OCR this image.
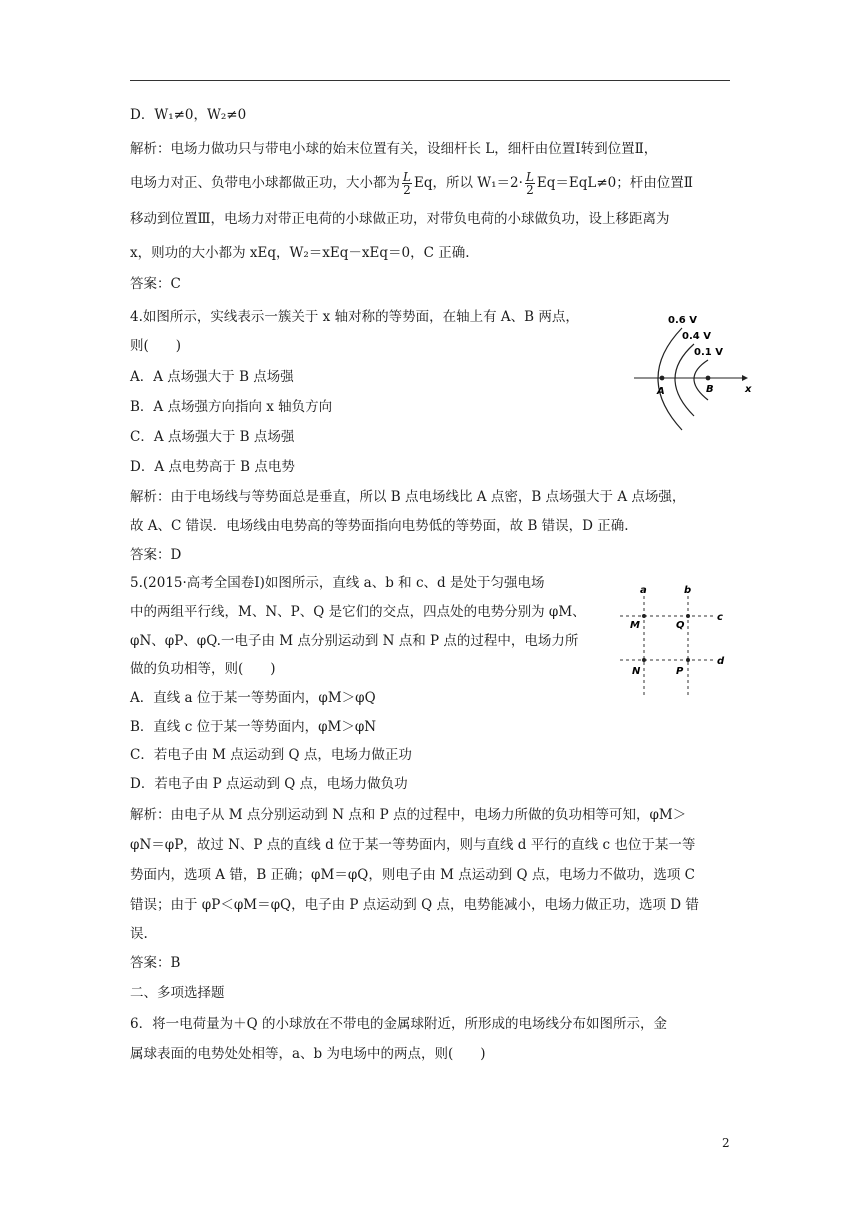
D．W₁≠0，W₂≠0
解析：电场力做功只与带电小球的始末位置有关，设细杆长 L，细杆由位置Ⅰ转到位置Ⅱ，
电场力对正、负带电小球都做正功，大小都为 $\frac{L}{2}$ Eq，所以 $W_1=2\cdot \frac{L}{2} Eq=EqL\ne 0$；杆由位置Ⅱ
移动到位置Ⅲ，电场力对带正电荷的小球做正功，对带负电荷的小球做负功，设上移距离为
x，则功的大小都为 xEq，W₂＝xEq－xEq＝0，C 正确.
答案：C
4.如图所示，实线表示一簇关于 x 轴对称的等势面，在轴上有 A、B 两点，
则(　　)
A．A 点场强大于 B 点场强
B．A 点场强方向指向 x 轴负方向
C．A 点场强大于 B 点场强
D．A 点电势高于 B 点电势
0.6 V
0.4 V
0.1 V
A	B	x
解析：由于电场线与等势面总是垂直，所以 B 点电场线比 A 点密，B 点场强大于 A 点场强，
故 A、C 错误．电场线由电势高的等势面指向电势低的等势面，故 B 错误，D 正确.
答案：D
5.(2015·高考全国卷Ⅰ)如图所示，直线 a、b 和 c、d 是处于匀强电场
中的两组平行线，M、N、P、Q 是它们的交点，四点处的电势分别为 φM、
φN、φP、φQ.一电子由 M 点分别运动到 N 点和 P 点的过程中，电场力所
做的负功相等，则(　　)
A．直线 a 位于某一等势面内，φM＞φQ
B．直线 c 位于某一等势面内，φM＞φN
C．若电子由 M 点运动到 Q 点，电场力做正功
D．若电子由 P 点运动到 Q 点，电场力做负功
a	b
c
d
M	Q
N	P
解析：由电子从 M 点分别运动到 N 点和 P 点的过程中，电场力所做的负功相等可知，φM＞
φN＝φP，故过 N、P 点的直线 d 位于某一等势面内，则与直线 d 平行的直线 c 也位于某一等
势面内，选项 A 错，B 正确；φM＝φQ，则电子由 M 点运动到 Q 点，电场力不做功，选项 C
错误；由于 φP＜φM＝φQ，电子由 P 点运动到 Q 点，电势能减小，电场力做正功，选项 D 错
误.
答案：B
二、多项选择题
6．将一电荷量为＋Q 的小球放在不带电的金属球附近，所形成的电场线分布如图所示，金
属球表面的电势处处相等，a、b 为电场中的两点，则(　　)
2
